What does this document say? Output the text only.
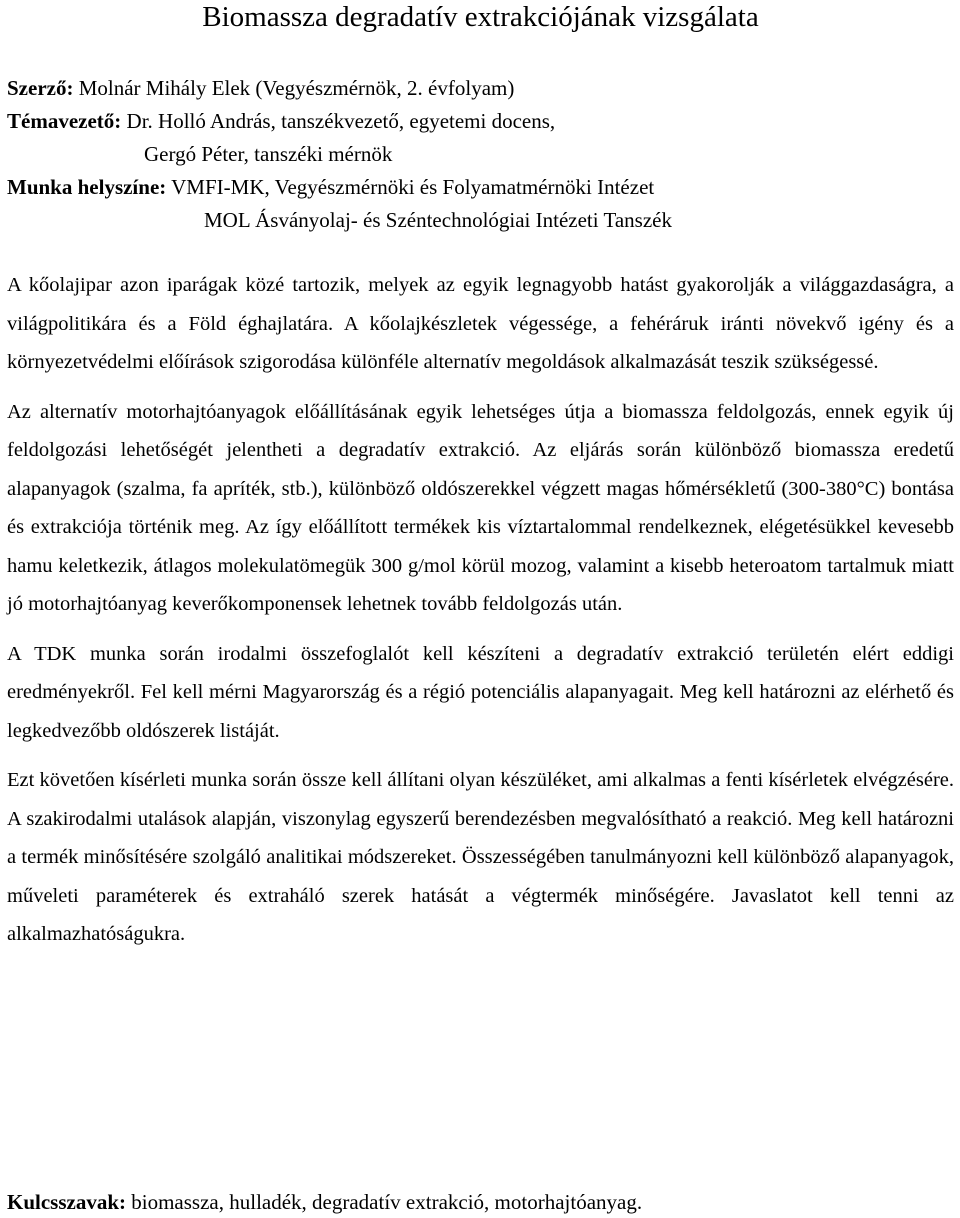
Biomassza degradatív extrakciójának vizsgálata
Szerző: Molnár Mihály Elek (Vegyészmérnök, 2. évfolyam)
Témavezető: Dr. Holló András, tanszékvezető, egyetemi docens,
Gergó Péter, tanszéki mérnök
Munka helyszíne: VMFI-MK, Vegyészmérnöki és Folyamatmérnöki Intézet
MOL Ásványolaj- és Széntechnológiai Intézeti Tanszék

A kőolajipar azon iparágak közé tartozik, melyek az egyik legnagyobb hatást gyakorolják a világgazdaságra, a világpolitikára és a Föld éghajlatára. A kőolajkészletek végessége, a fehéráruk iránti növekvő igény és a környezetvédelmi előírások szigorodása különféle alternatív megoldások alkalmazását teszik szükségessé.

Az alternatív motorhajtóanyagok előállításának egyik lehetséges útja a biomassza feldolgozás, ennek egyik új feldolgozási lehetőségét jelentheti a degradatív extrakció. Az eljárás során különböző biomassza eredetű alapanyagok (szalma, fa apríték, stb.), különböző oldószerekkel végzett magas hőmérsékletű (300-380°C) bontása és extrakciója történik meg. Az így előállított termékek kis víztartalommal rendelkeznek, elégetésükkel kevesebb hamu keletkezik, átlagos molekulatömegük 300 g/mol körül mozog, valamint a kisebb heteroatom tartalmuk miatt jó motorhajtóanyag keverőkomponensek lehetnek tovább feldolgozás után.

A TDK munka során irodalmi összefoglalót kell készíteni a degradatív extrakció területén elért eddigi eredményekről. Fel kell mérni Magyarország és a régió potenciális alapanyagait. Meg kell határozni az elérhető és legkedvezőbb oldószerek listáját.

Ezt követően kísérleti munka során össze kell állítani olyan készüléket, ami alkalmas a fenti kísérletek elvégzésére. A szakirodalmi utalások alapján, viszonylag egyszerű berendezésben megvalósítható a reakció. Meg kell határozni a termék minősítésére szolgáló analitikai módszereket. Összességében tanulmányozni kell különböző alapanyagok, műveleti paraméterek és extraháló szerek hatását a végtermék minőségére. Javaslatot kell tenni az alkalmazhatóságukra.

Kulcsszavak: biomassza, hulladék, degradatív extrakció, motorhajtóanyag.
